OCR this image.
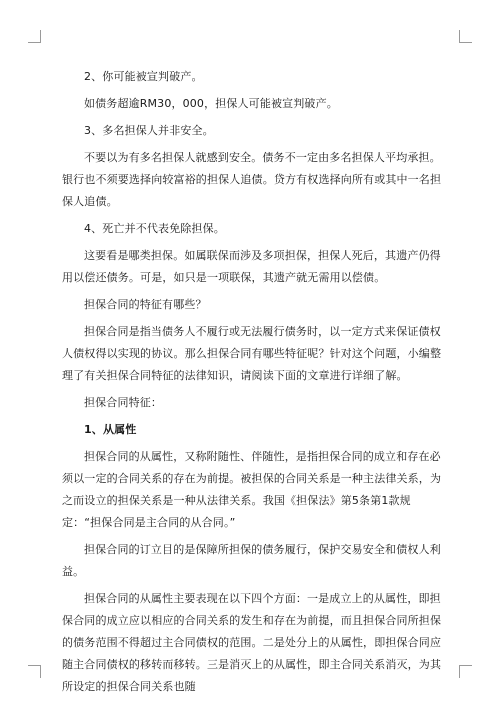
2、你可能被宣判破产。

如债务超逾RM30，000，担保人可能被宣判破产。

3、多名担保人并非安全。

不要以为有多名担保人就感到安全。债务不一定由多名担保人平均承担。银行也不须要选择向较富裕的担保人追债。贷方有权选择向所有或其中一名担保人追债。

4、死亡并不代表免除担保。

这要看是哪类担保。如属联保而涉及多项担保，担保人死后，其遗产仍得用以偿还债务。可是，如只是一项联保，其遗产就无需用以偿债。

担保合同的特征有哪些？

担保合同是指当债务人不履行或无法履行债务时，以一定方式来保证债权人债权得以实现的协议。那么担保合同有哪些特征呢？针对这个问题，小编整理了有关担保合同特征的法律知识，请阅读下面的文章进行详细了解。

担保合同特征：

1、从属性

担保合同的从属性，又称附随性、伴随性，是指担保合同的成立和存在必须以一定的合同关系的存在为前提。被担保的合同关系是一种主法律关系，为之而设立的担保关系是一种从法律关系。我国《担保法》第5条第1款规定：“担保合同是主合同的从合同。”

担保合同的订立目的是保障所担保的债务履行，保护交易安全和债权人利益。

担保合同的从属性主要表现在以下四个方面：一是成立上的从属性，即担保合同的成立应以相应的合同关系的发生和存在为前提，而且担保合同所担保的债务范围不得超过主合同债权的范围。二是处分上的从属性，即担保合同应随主合同债权的移转而移转。三是消灭上的从属性，即主合同关系消灭，为其所设定的担保合同关系也随
